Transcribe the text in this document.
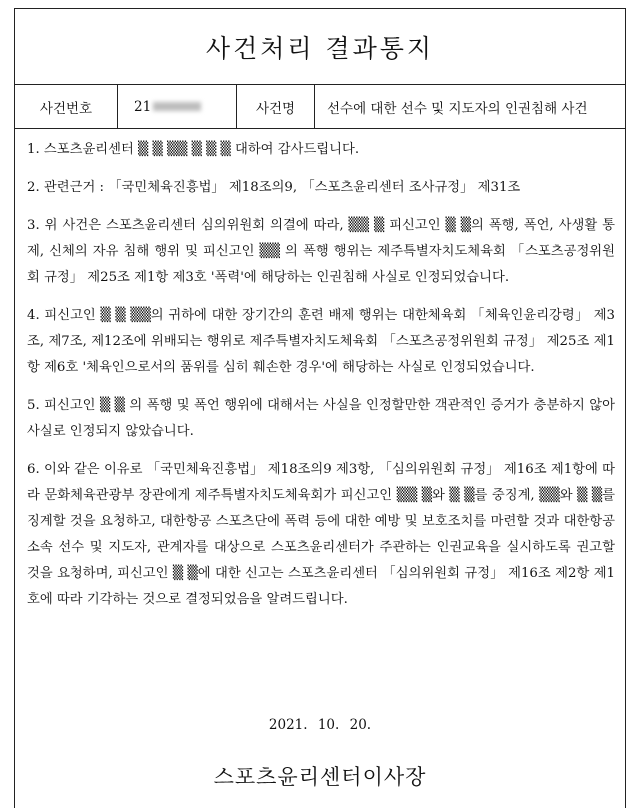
사건처리 결과통지
사건번호	21	사건명	선수에 대한 선수 및 지도자의 인권침해 사건
1. 스포츠윤리센터 ▒ ▒ ▒▒ ▒ ▒ ▒ 대하여 감사드립니다.
2. 관련근거 : 「국민체육진흥법」 제18조의9, 「스포츠윤리센터 조사규정」 제31조
3. 위 사건은 스포츠윤리센터 심의위원회 의결에 따라, ▒▒ ▒ 피신고인 ▒ ▒의 폭행, 폭언, 사생활 통제, 신체의 자유 침해 행위 및 피신고인 ▒▒ 의 폭행 행위는 제주특별자치도체육회 「스포츠공정위원회 규정」 제25조 제1항 제3호 '폭력'에 해당하는 인권침해 사실로 인정되었습니다.
4. 피신고인 ▒ ▒ ▒▒의 귀하에 대한 장기간의 훈련 배제 행위는 대한체육회 「체육인윤리강령」 제3조, 제7조, 제12조에 위배되는 행위로 제주특별자치도체육회 「스포츠공정위원회 규정」 제25조 제1항 제6호 '체육인으로서의 품위를 심히 훼손한 경우'에 해당하는 사실로 인정되었습니다.
5. 피신고인 ▒ ▒ 의 폭행 및 폭언 행위에 대해서는 사실을 인정할만한 객관적인 증거가 충분하지 않아 사실로 인정되지 않았습니다.
6. 이와 같은 이유로 「국민체육진흥법」 제18조의9 제3항, 「심의위원회 규정」 제16조 제1항에 따라 문화체육관광부 장관에게 제주특별자치도체육회가 피신고인 ▒▒ ▒와 ▒ ▒를 중징계, ▒▒와 ▒ ▒를 징계할 것을 요청하고, 대한항공 스포츠단에 폭력 등에 대한 예방 및 보호조치를 마련할 것과 대한항공 소속 선수 및 지도자, 관계자를 대상으로 스포츠윤리센터가 주관하는 인권교육을 실시하도록 권고할 것을 요청하며, 피신고인 ▒ ▒에 대한 신고는 스포츠윤리센터 「심의위원회 규정」 제16조 제2항 제1호에 따라 기각하는 것으로 결정되었음을 알려드립니다.
2021. 10. 20.
스포츠윤리센터이사장
